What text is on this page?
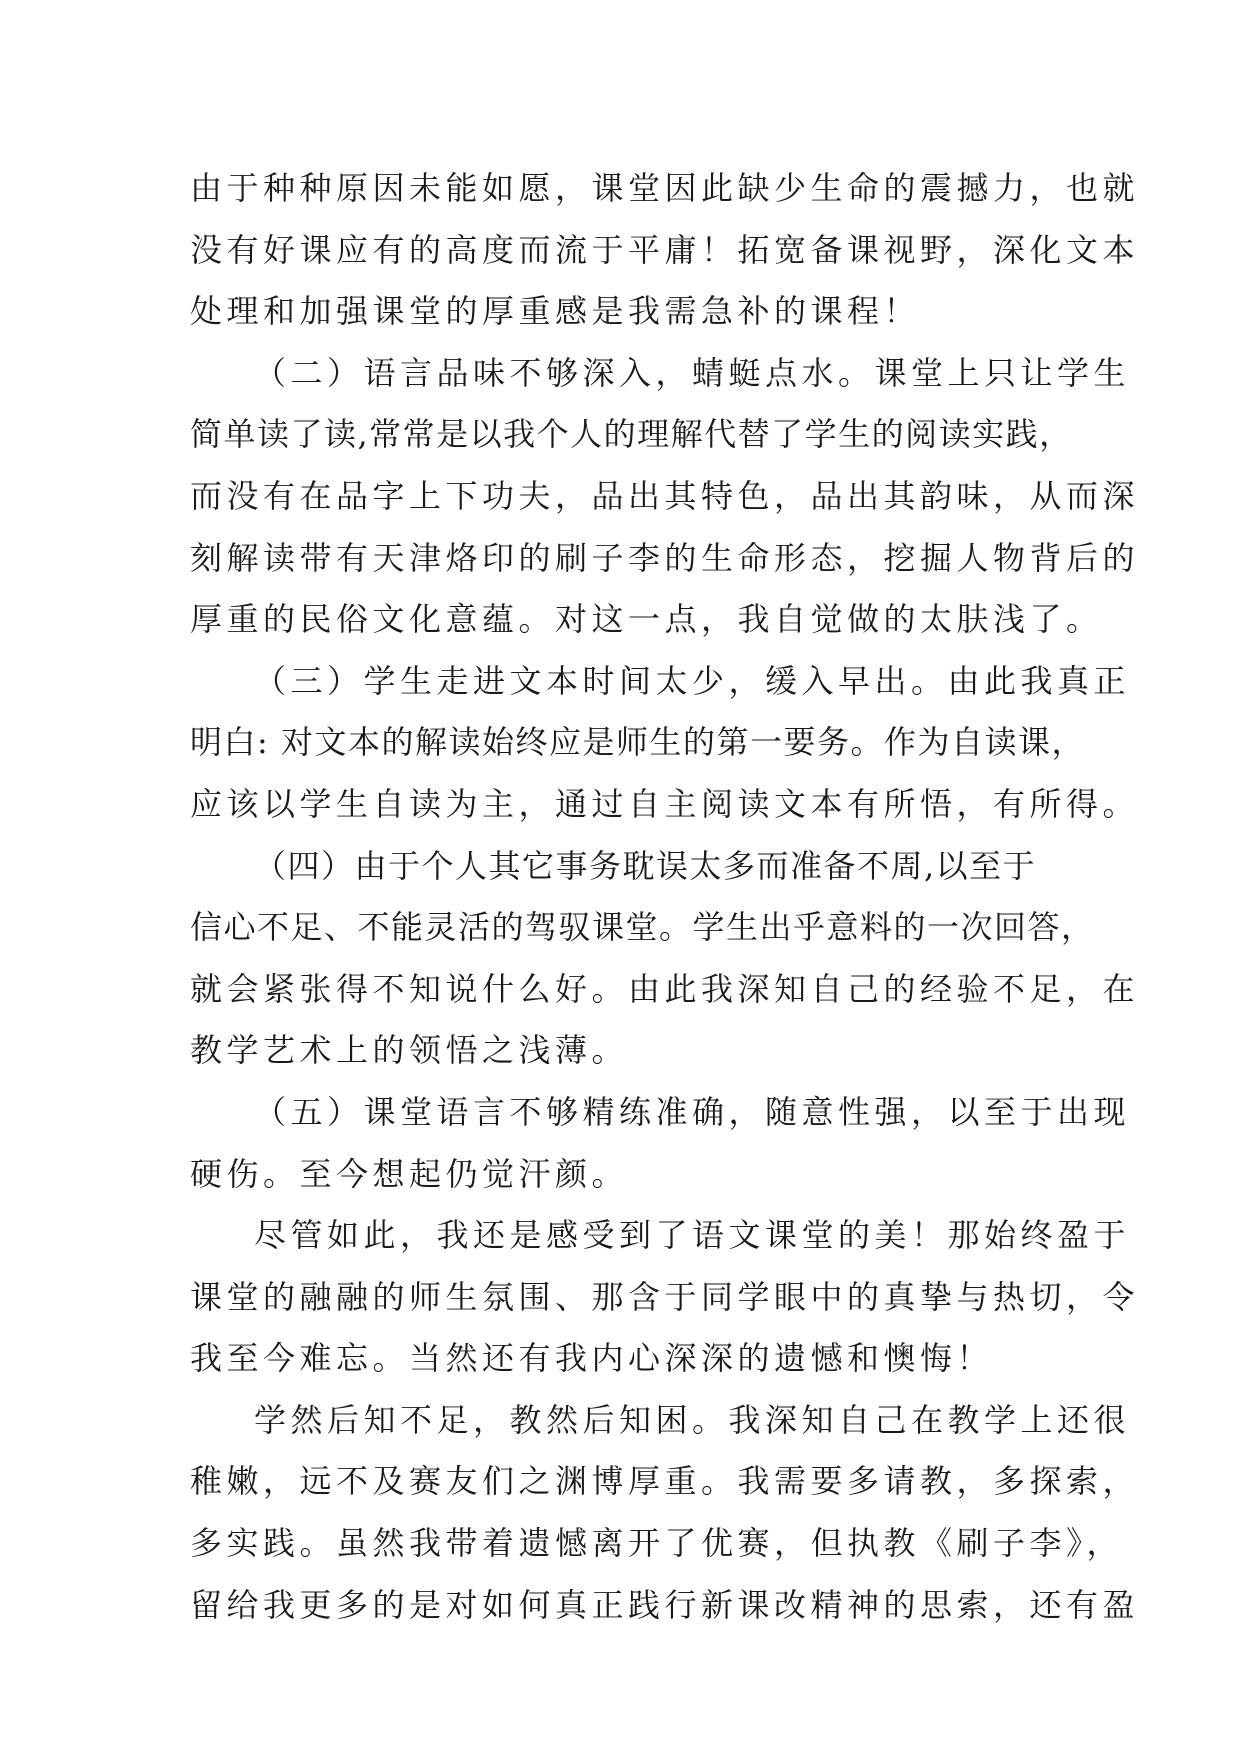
由于种种原因未能如愿，课堂因此缺少生命的震撼力，也就
没有好课应有的高度而流于平庸！拓宽备课视野，深化文本
处理和加强课堂的厚重感是我需急补的课程！
（二）语言品味不够深入，蜻蜓点水。课堂上只让学生
简单读了读,常常是以我个人的理解代替了学生的阅读实践，
而没有在品字上下功夫，品出其特色，品出其韵味，从而深
刻解读带有天津烙印的刷子李的生命形态，挖掘人物背后的
厚重的民俗文化意蕴。对这一点，我自觉做的太肤浅了。
（三）学生走进文本时间太少，缓入早出。由此我真正
明白: 对文本的解读始终应是师生的第一要务。作为自读课，
应该以学生自读为主，通过自主阅读文本有所悟，有所得。
（四）由于个人其它事务耽误太多而准备不周,以至于
信心不足、不能灵活的驾驭课堂。学生出乎意料的一次回答，
就会紧张得不知说什么好。由此我深知自己的经验不足，在
教学艺术上的领悟之浅薄。
（五）课堂语言不够精练准确，随意性强，以至于出现
硬伤。至今想起仍觉汗颜。
尽管如此，我还是感受到了语文课堂的美！那始终盈于
课堂的融融的师生氛围、那含于同学眼中的真挚与热切，令
我至今难忘。当然还有我内心深深的遗憾和懊悔！
学然后知不足，教然后知困。我深知自己在教学上还很
稚嫩，远不及赛友们之渊博厚重。我需要多请教，多探索，
多实践。虽然我带着遗憾离开了优赛，但执教《刷子李》，
留给我更多的是对如何真正践行新课改精神的思索，还有盈
